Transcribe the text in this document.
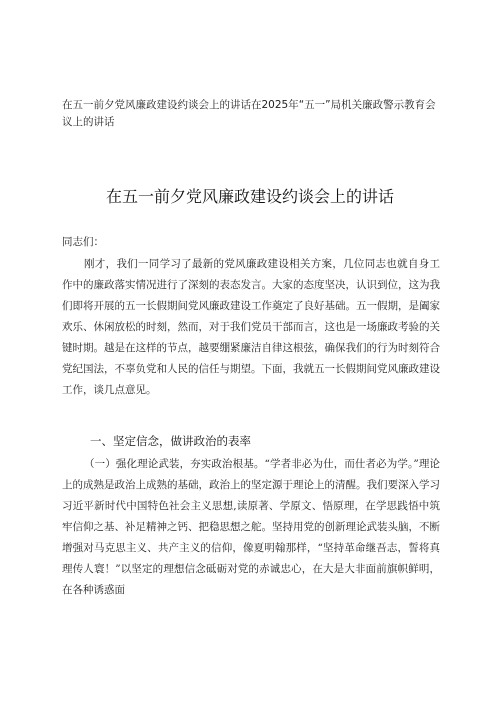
在五一前夕党风廉政建设约谈会上的讲话在2025年“五一”局机关廉政警示教育会议上的讲话
在五一前夕党风廉政建设约谈会上的讲话
同志们：
刚才，我们一同学习了最新的党风廉政建设相关方案，几位同志也就自身工作中的廉政落实情况进行了深刻的表态发言。大家的态度坚决，认识到位，这为我们即将开展的五一长假期间党风廉政建设工作奠定了良好基础。五一假期，是阖家欢乐、休闲放松的时刻，然而，对于我们党员干部而言，这也是一场廉政考验的关键时期。越是在这样的节点，越要绷紧廉洁自律这根弦，确保我们的行为时刻符合党纪国法，不辜负党和人民的信任与期望。下面，我就五一长假期间党风廉政建设工作，谈几点意见。
一、坚定信念，做讲政治的表率
（一）强化理论武装，夯实政治根基。“学者非必为仕，而仕者必为学。”理论上的成熟是政治上成熟的基础，政治上的坚定源于理论上的清醒。我们要深入学习习近平新时代中国特色社会主义思想,读原著、学原文、悟原理，在学思践悟中筑牢信仰之基、补足精神之钙、把稳思想之舵。坚持用党的创新理论武装头脑，不断增强对马克思主义、共产主义的信仰，像夏明翰那样，“坚持革命继吾志，誓将真理传人寰！”以坚定的理想信念砥砺对党的赤诚忠心，在大是大非面前旗帜鲜明，在各种诱惑面
